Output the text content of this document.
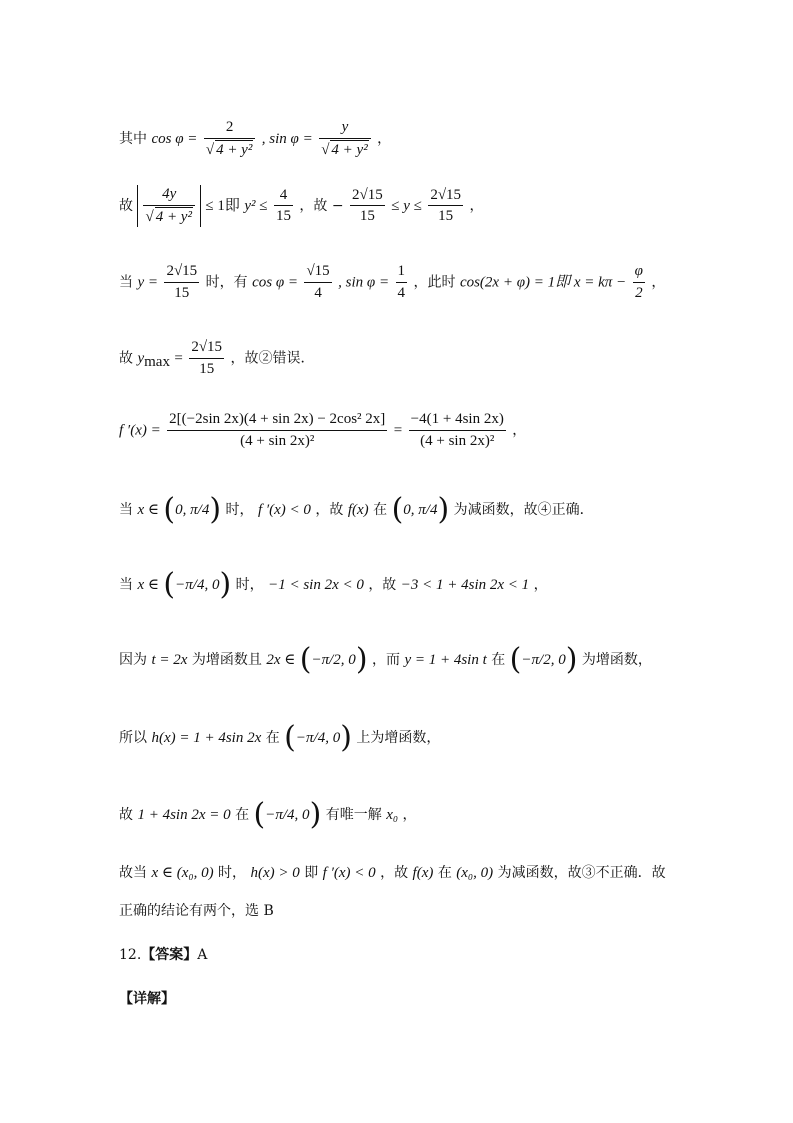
其中 cos φ = 2
√ 4 + y² , sin φ = y
√ 4 + y² ，
故 4y
√ 4 + y² ≤ 1即 $y^2 \le \frac{4}{15}$ ，故 − $\frac{2√15}{15} \le y \le \frac{2√15}{15}$ ，
当 $y = \frac{2√15}{15}$ 时，有 $\cos \varphi = \frac{√15}{4}$ , $\sin \varphi = \frac{1}{4}$ ，此时 cos(2x + φ) = 1即 $x = k\pi - \frac{\varphi}{2}$ ，
故 $y_{max} = \frac{2√15}{15}$ ，故②错误．
f $'(x) = \frac{\text{2[(−2sin 2x)(4 + sin 2x) − 2cos² 2x]}}{\text{(4 + sin 2x)²}} = \frac{-4(1 + 4\sin 2x)}{\text{(4 + sin 2x)²}}$ ，
当 x ∈ (0, π/4) 时， f ′(x) < 0 ，故 f(x) 在 (0, π/4) 为减函数，故④正确．
当 x ∈ (−π/4, 0) 时， −1 < sin 2x < 0 ，故 −3 < 1 + 4sin 2x < 1 ，
因为 t = 2x 为增函数且 2x ∈ (−π/2, 0) ，而 y = 1 + 4sin t 在 (−π/2, 0) 为增函数，
所以 h(x) = 1 + 4sin 2x 在 (−π/4, 0) 上为增函数，
故 1 + 4sin 2x = 0 在 (−π/4, 0) 有唯一解 x₀ ，
故当 x ∈ (x₀, 0) 时， h(x) > 0 即 f ′(x) < 0 ，故 f(x) 在 (x₀, 0) 为减函数，故③不正确．故
正确的结论有两个，选 B
12.【答案】A
【详解】
